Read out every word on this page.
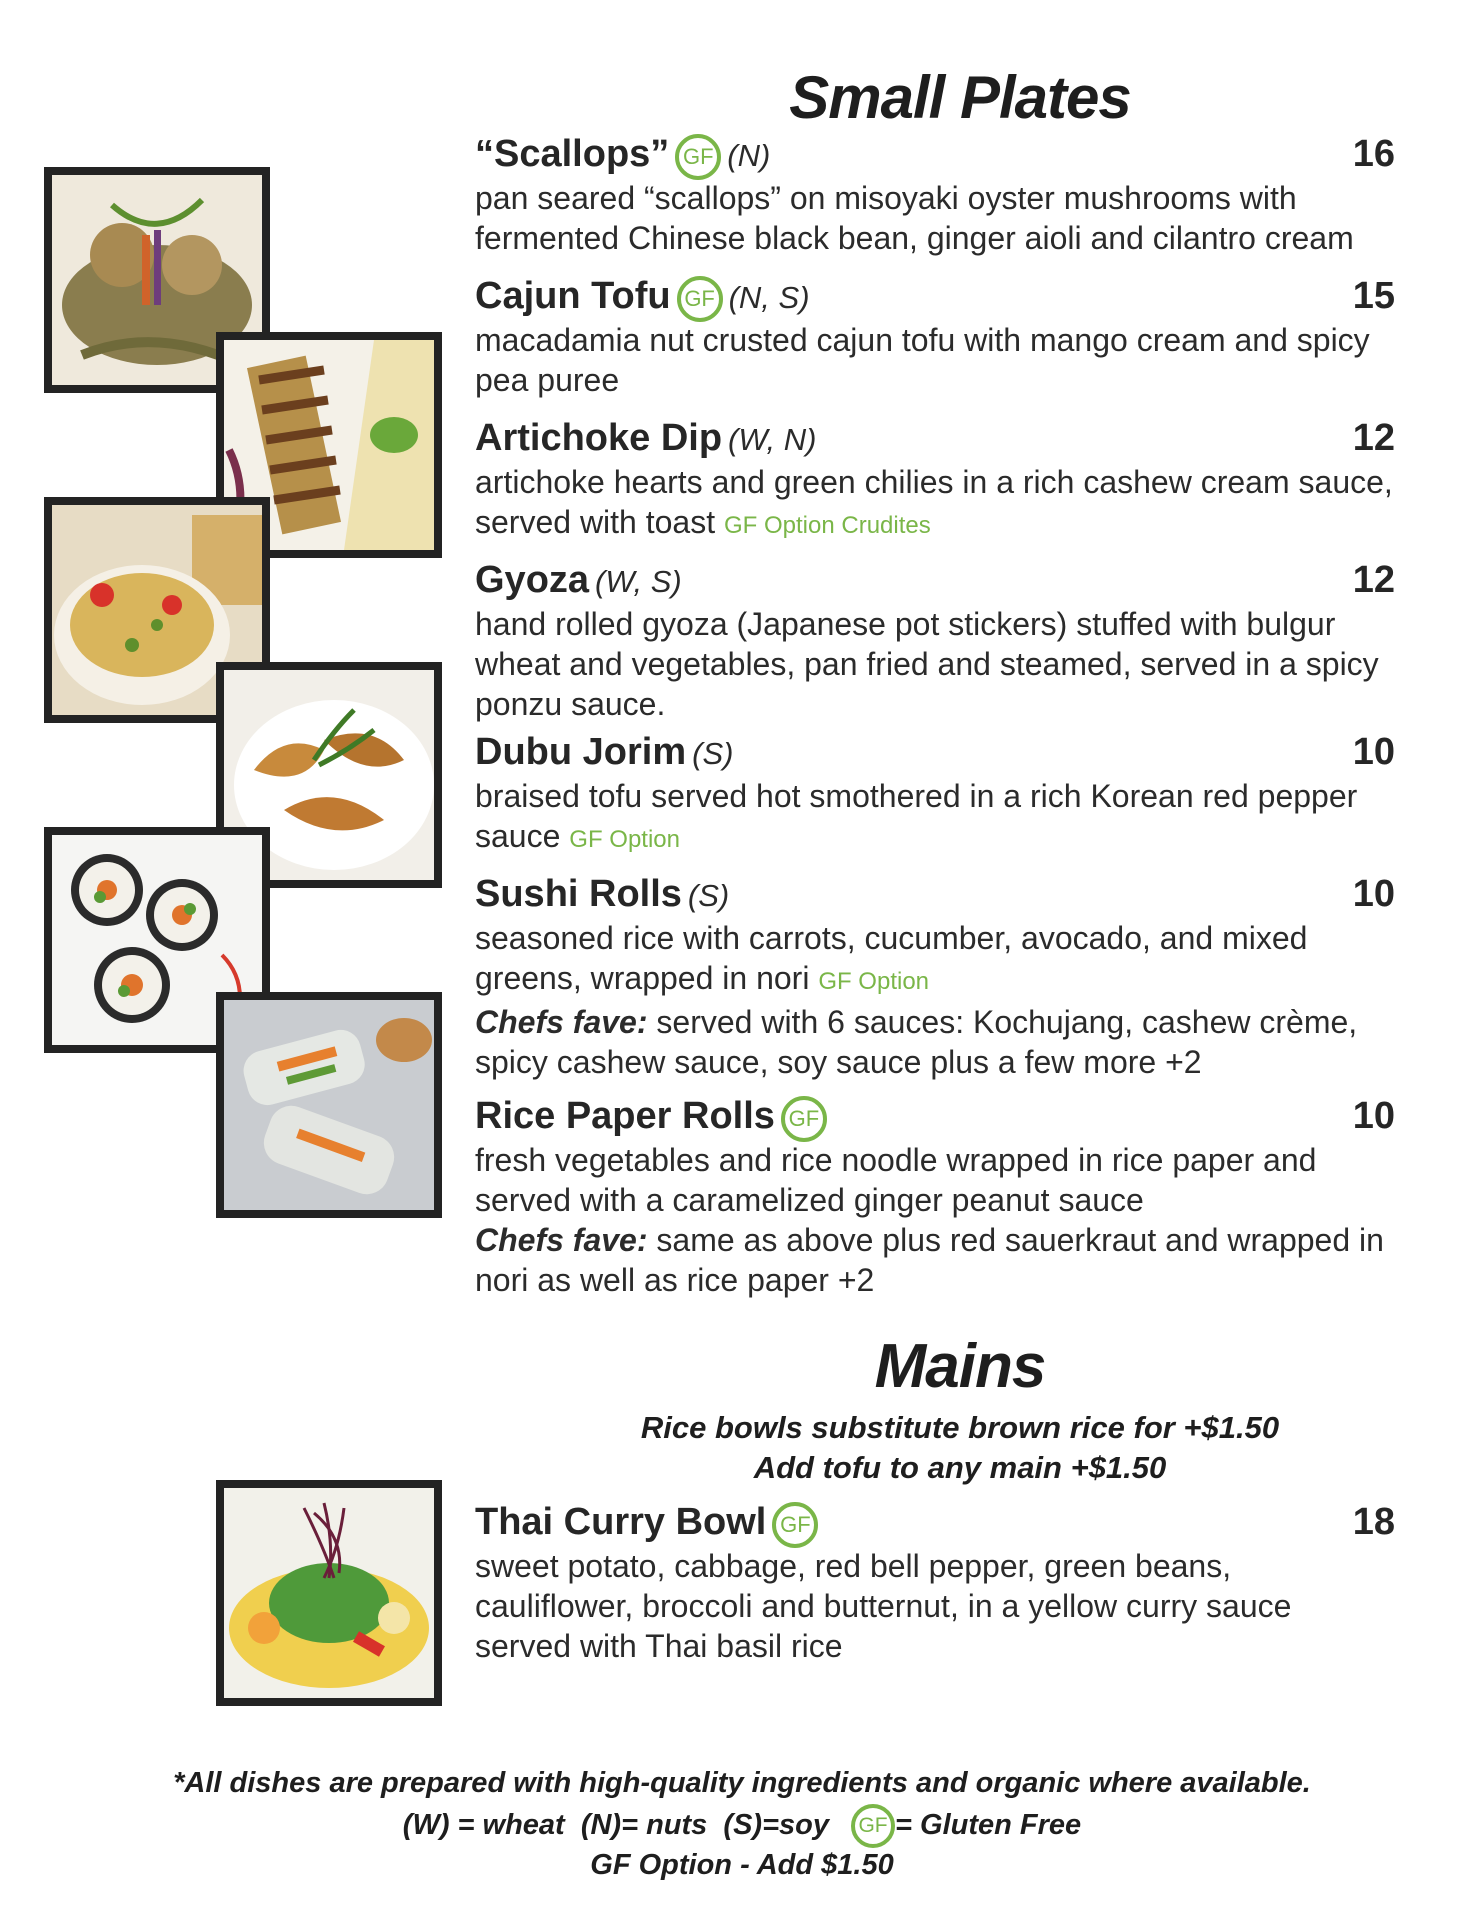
Small Plates
“Scallops” GF (N)	16
pan seared “scallops” on misoyaki oyster mushrooms with fermented Chinese black bean, ginger aioli and cilantro cream
Cajun Tofu GF (N, S)	15
macadamia nut crusted cajun tofu with mango cream and spicy pea puree
Artichoke Dip (W, N)	12
artichoke hearts and green chilies in a rich cashew cream sauce, served with toast GF Option Crudites
Gyoza (W, S)	12
hand rolled gyoza (Japanese pot stickers) stuffed with bulgur wheat and vegetables, pan fried and steamed, served in a spicy ponzu sauce.
Dubu Jorim (S)	10
braised tofu served hot smothered in a rich Korean red pepper sauce GF Option
Sushi Rolls (S)	10
seasoned rice with carrots, cucumber, avocado, and mixed greens, wrapped in nori GF Option
Chefs fave: served with 6 sauces: Kochujang, cashew crème, spicy cashew sauce, soy sauce plus a few more +2
Rice Paper Rolls GF	10
fresh vegetables and rice noodle wrapped in rice paper and served with a caramelized ginger peanut sauce
Chefs fave: same as above plus red sauerkraut and wrapped in nori as well as rice paper +2
Mains
Rice bowls substitute brown rice for +$1.50
Add tofu to any main +$1.50
Thai Curry Bowl GF	18
sweet potato, cabbage, red bell pepper, green beans, cauliflower, broccoli and butternut, in a yellow curry sauce served with Thai basil rice
*All dishes are prepared with high-quality ingredients and organic where available.
(W) = wheat  (N)= nuts  (S)=soy GF = Gluten Free
GF Option - Add $1.50
